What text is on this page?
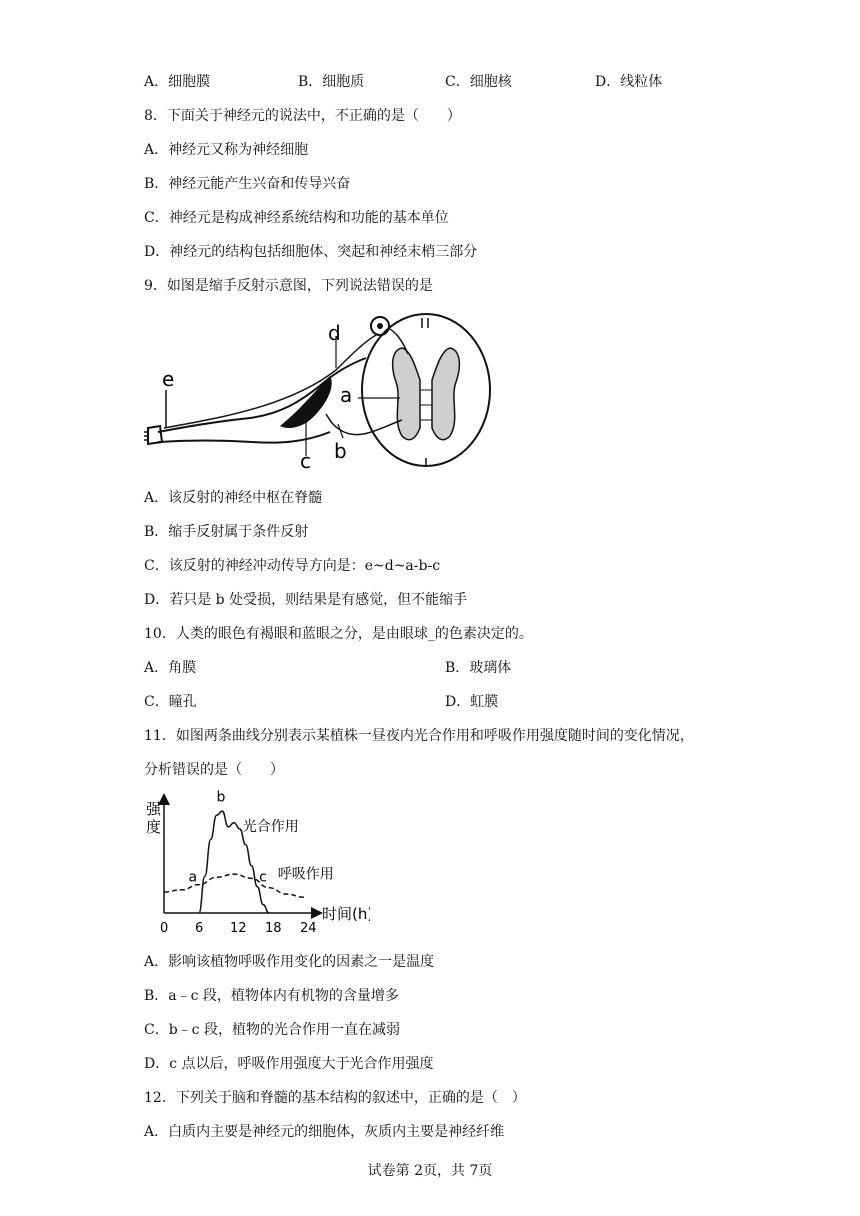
A．细胞膜	B．细胞质	C．细胞核	D．线粒体
8．下面关于神经元的说法中，不正确的是（　　）
A．神经元又称为神经细胞
B．神经元能产生兴奋和传导兴奋
C．神经元是构成神经系统结构和功能的基本单位
D．神经元的结构包括细胞体、突起和神经末梢三部分
9．如图是缩手反射示意图，下列说法错误的是
d
e
a
b
c
A．该反射的神经中枢在脊髓
B．缩手反射属于条件反射
C．该反射的神经冲动传导方向是：e~d~a-b-c
D．若只是 b 处受损，则结果是有感觉，但不能缩手
10．人类的眼色有褐眼和蓝眼之分，是由眼球_的色素决定的。
A．角膜	B．玻璃体
C．瞳孔	D．虹膜
11．如图两条曲线分别表示某植株一昼夜内光合作用和呼吸作用强度随时间的变化情况，
分析错误的是（　　）
强
度
时间(h)
0 6 12 18 24
光合作用
呼吸作用
a
b
c
A．影响该植物呼吸作用变化的因素之一是温度
B．a﹣c 段，植物体内有机物的含量增多
C．b﹣c 段，植物的光合作用一直在减弱
D．c 点以后，呼吸作用强度大于光合作用强度
12．下列关于脑和脊髓的基本结构的叙述中，正确的是（　）
A．白质内主要是神经元的细胞体，灰质内主要是神经纤维
试卷第 2页，共 7页
